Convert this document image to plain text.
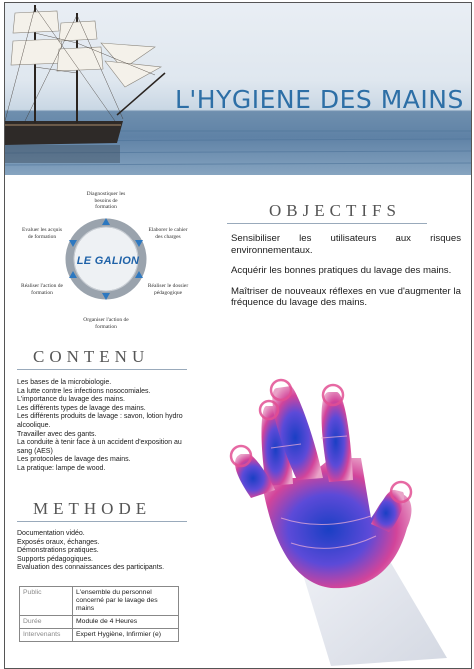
L'HYGIENE DES MAINS
Diagnostiquer les besoins de formation
Elaborer le cahier des charges
Réaliser le dossier pédagogique
Organiser l'action de formation
Réaliser l'action de formation
Evaluer les acquis de formation
LE GALION
OBJECTIFS

Sensibiliser les utilisateurs aux risques environnementaux.

Acquérir les bonnes pratiques du lavage des mains.

Maîtriser de nouveaux réflexes en vue d'augmenter la fréquence du lavage des mains.

CONTENU
Les bases de la microbiologie.
La lutte contre les infections nosocomiales.
L'importance du lavage des mains.
Les différents types de lavage des mains.
Les différents produits de lavage : savon, lotion hydro alcoolique.
Travailler avec des gants.
La conduite à tenir face à un accident d'exposition au sang (AES)
Les protocoles de lavage des mains.
La pratique: lampe de wood.
METHODE
Documentation vidéo.
Exposés oraux, échanges.
Démonstrations pratiques.
Supports pédagogiques.
Evaluation des connaissances des participants.
Public	L'ensemble du personnel concerné par le lavage des mains
Durée	Module de 4 Heures
Intervenants	Expert Hygiène, Infirmier (e)
